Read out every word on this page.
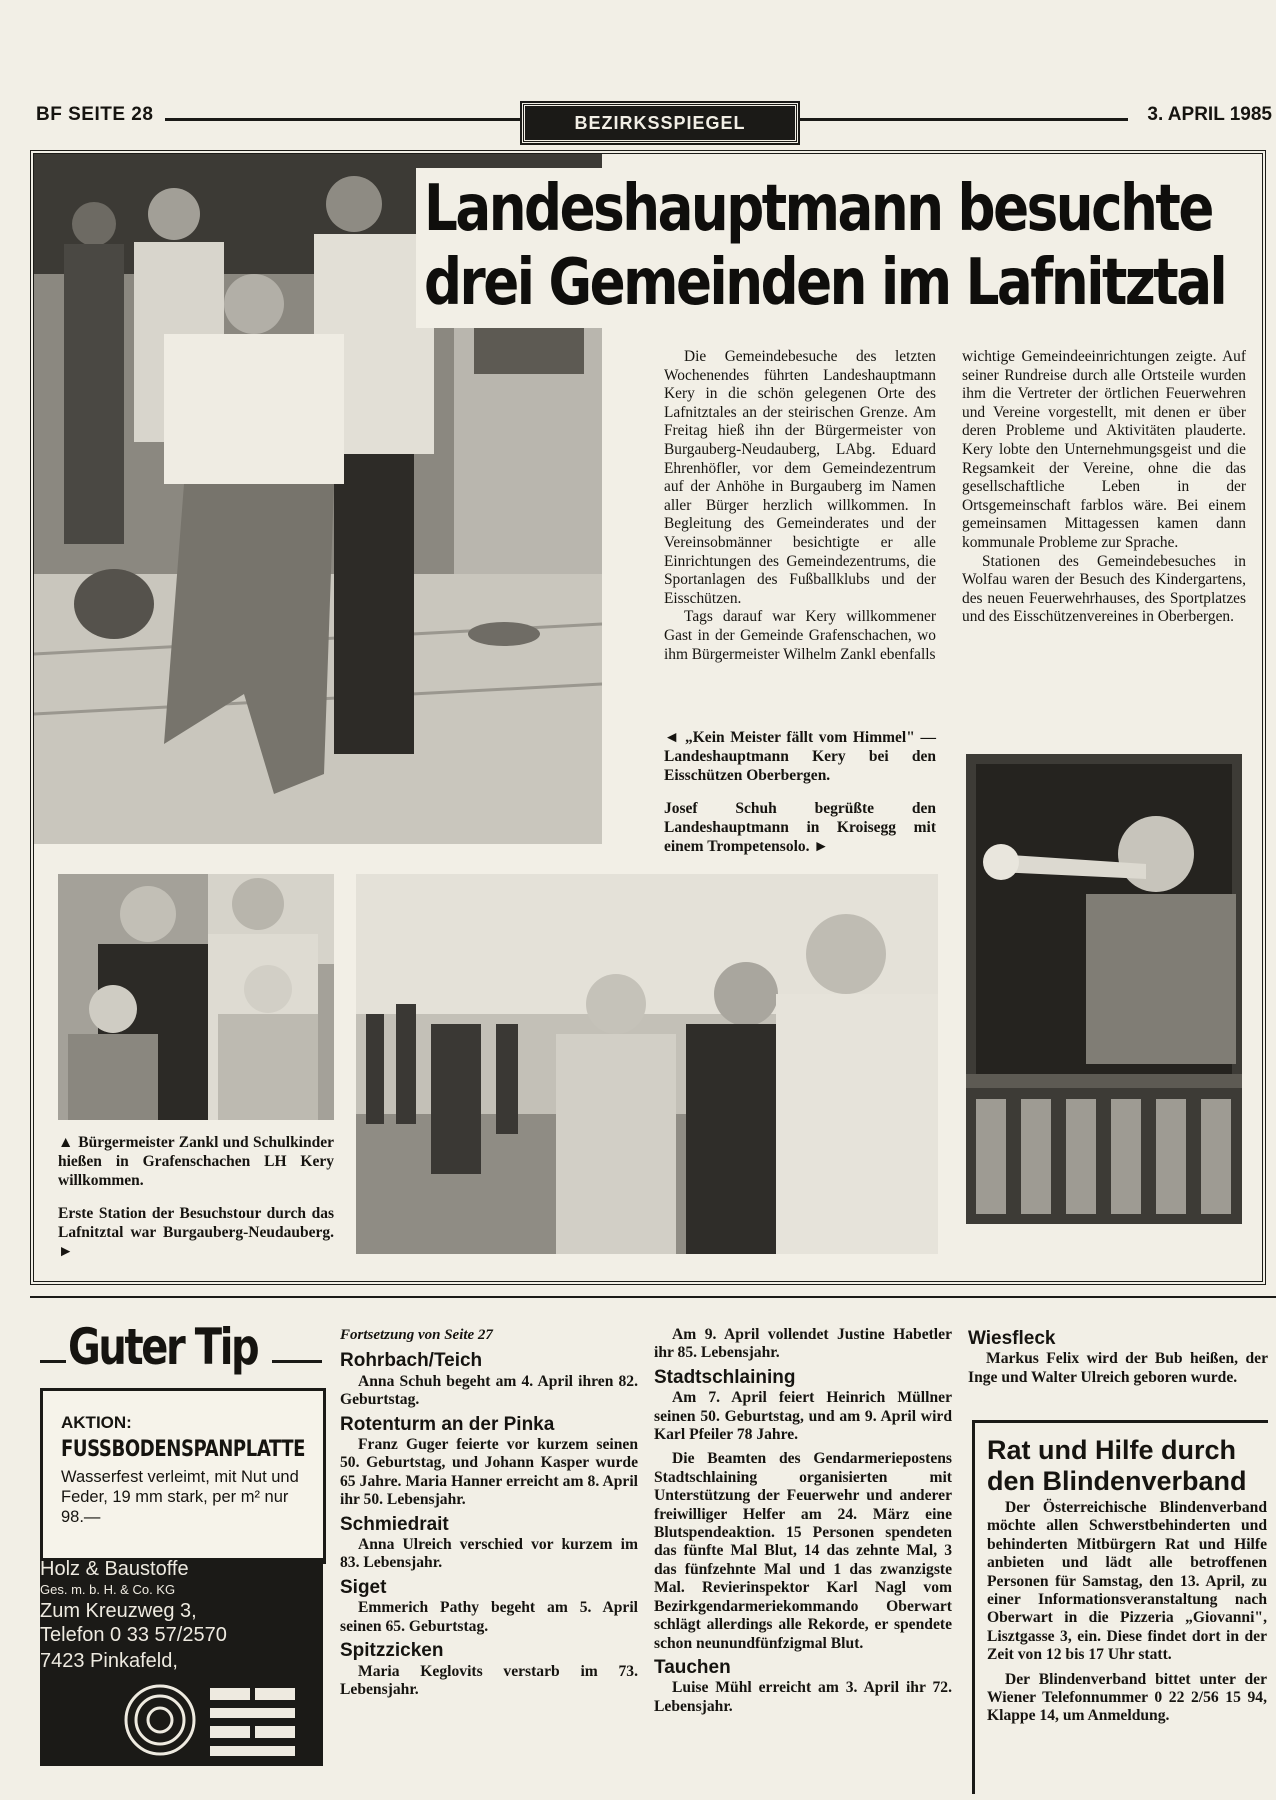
BF SEITE 28	BEZIRKSSPIEGEL	3. APRIL 1985
Landeshauptmann besuchte
drei Gemeinden im Lafnitztal

Die Gemeindebesuche des letzten Wochenendes führten Landeshauptmann Kery in die schön gelegenen Orte des Lafnitztales an der steirischen Grenze. Am Freitag hieß ihn der Bürgermeister von Burgauberg-Neudauberg, LAbg. Eduard Ehrenhöfler, vor dem Gemeindezentrum auf der Anhöhe in Burgauberg im Namen aller Bürger herzlich willkommen. In Begleitung des Gemeinderates und der Vereinsobmänner besichtigte er alle Einrichtungen des Gemeindezentrums, die Sportanlagen des Fußballklubs und der Eisschützen.

Tags darauf war Kery willkommener Gast in der Gemeinde Grafenschachen, wo ihm Bürgermeister Wilhelm Zankl ebenfalls

wichtige Gemeindeeinrichtungen zeigte. Auf seiner Rundreise durch alle Ortsteile wurden ihm die Vertreter der örtlichen Feuerwehren und Vereine vorgestellt, mit denen er über deren Probleme und Aktivitäten plauderte. Kery lobte den Unternehmungsgeist und die Regsamkeit der Vereine, ohne die das gesellschaftliche Leben in der Ortsgemeinschaft farblos wäre. Bei einem gemeinsamen Mittagessen kamen dann kommunale Probleme zur Sprache.

Stationen des Gemeindebesuches in Wolfau waren der Besuch des Kindergartens, des neuen Feuerwehrhauses, des Sportplatzes und des Eisschützenvereines in Oberbergen.

◄ „Kein Meister fällt vom Himmel" — Landeshauptmann Kery bei den Eisschützen Oberbergen.

Josef Schuh begrüßte den Landeshauptmann in Kroisegg mit einem Trompetensolo. ►

▲ Bürgermeister Zankl und Schulkinder hießen in Grafenschachen LH Kery willkommen.

Erste Station der Besuchstour durch das Lafnitztal war Burgauberg-Neudauberg. ►

Guter Tip
AKTION:
FUSSBODENSPANPLATTE
Wasserfest verleimt, mit Nut und Feder, 19 mm stark, per m² nur 98.—
Holz & Baustoffe
Ges. m. b. H. & Co. KG
Zum Kreuzweg 3,
Telefon 0 33 57/2570
7423 Pinkafeld,
Fortsetzung von Seite 27
Rohrbach/Teich

Anna Schuh begeht am 4. April ihren 82. Geburtstag.

Rotenturm an der Pinka

Franz Guger feierte vor kurzem seinen 50. Geburtstag, und Johann Kasper wurde 65 Jahre. Maria Hanner erreicht am 8. April ihr 50. Lebensjahr.

Schmiedrait

Anna Ulreich verschied vor kurzem im 83. Lebensjahr.

Siget

Emmerich Pathy begeht am 5. April seinen 65. Geburtstag.

Spitzzicken

Maria Keglovits verstarb im 73. Lebensjahr.

Am 9. April vollendet Justine Habetler ihr 85. Lebensjahr.

Stadtschlaining

Am 7. April feiert Heinrich Müllner seinen 50. Geburtstag, und am 9. April wird Karl Pfeiler 78 Jahre.

Die Beamten des Gendarmeriepostens Stadtschlaining organisierten mit Unterstützung der Feuerwehr und anderer freiwilliger Helfer am 24. März eine Blutspendeaktion. 15 Personen spendeten das fünfte Mal Blut, 14 das zehnte Mal, 3 das fünfzehnte Mal und 1 das zwanzigste Mal. Revierinspektor Karl Nagl vom Bezirkgendarmeriekommando Oberwart schlägt allerdings alle Rekorde, er spendete schon neunundfünfzigmal Blut.

Tauchen

Luise Mühl erreicht am 3. April ihr 72. Lebensjahr.

Wiesfleck

Markus Felix wird der Bub heißen, der Inge und Walter Ulreich geboren wurde.

Rat und Hilfe durch den Blindenverband

Der Österreichische Blindenverband möchte allen Schwerstbehinderten und behinderten Mitbürgern Rat und Hilfe anbieten und lädt alle betroffenen Personen für Samstag, den 13. April, zu einer Informationsveranstaltung nach Oberwart in die Pizzeria „Giovanni", Lisztgasse 3, ein. Diese findet dort in der Zeit von 12 bis 17 Uhr statt.

Der Blindenverband bittet unter der Wiener Telefonnummer 0 22 2/56 15 94, Klappe 14, um Anmeldung.
